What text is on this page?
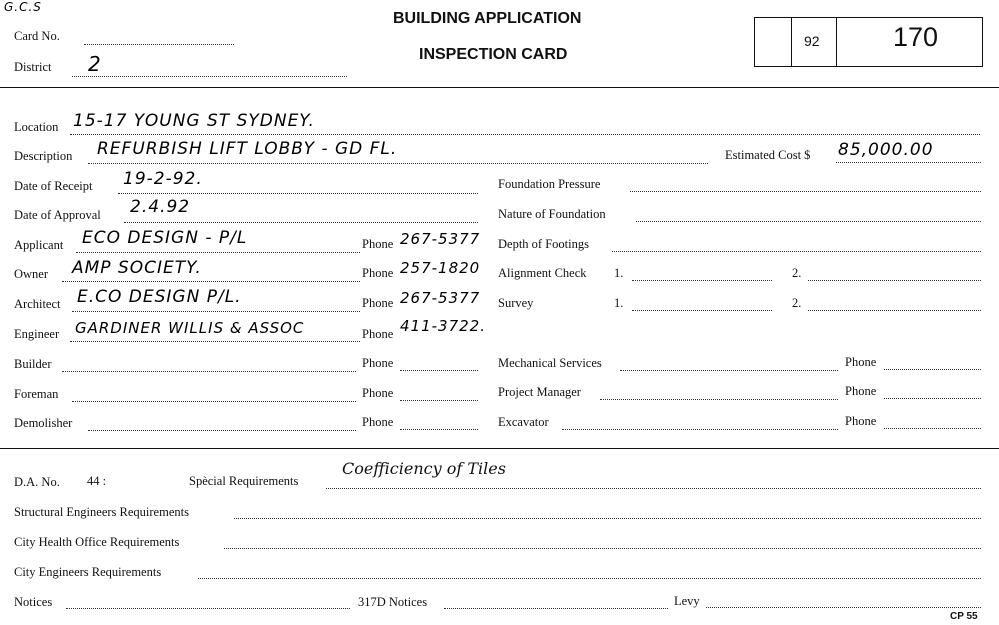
G.C.S
Card No.
District 2
BUILDING APPLICATION
INSPECTION CARD
92	170
Location 15-17 YOUNG ST SYDNEY.
Description REFURBISH LIFT LOBBY - GD FL.	Estimated Cost $ 85,000.00
Date of Receipt 19-2-92.	Foundation Pressure
Date of Approval 2.4.92	Nature of Foundation
Applicant ECO DESIGN - P/L	Phone 267-5377 Depth of Footings
Owner AMP SOCIETY.	Phone 257-1820 Alignment Check 1.	2.
Architect E.CO DESIGN P/L.	Phone 267-5377 Survey	1.	2.
Engineer GARDINER WILLIS & ASSOC	Phone 411-3722.
Builder	Phone	Mechanical Services	Phone
Foreman	Phone	Project Manager	Phone
Demolisher	Phone	Excavator	Phone
D.A. No. 44 :	Spècial Requirements
Coefficiency of Tiles
Structural Engineers Requirements
City Health Office Requirements
City Engineers Requirements
Notices	317D Notices	Levy
CP 55
